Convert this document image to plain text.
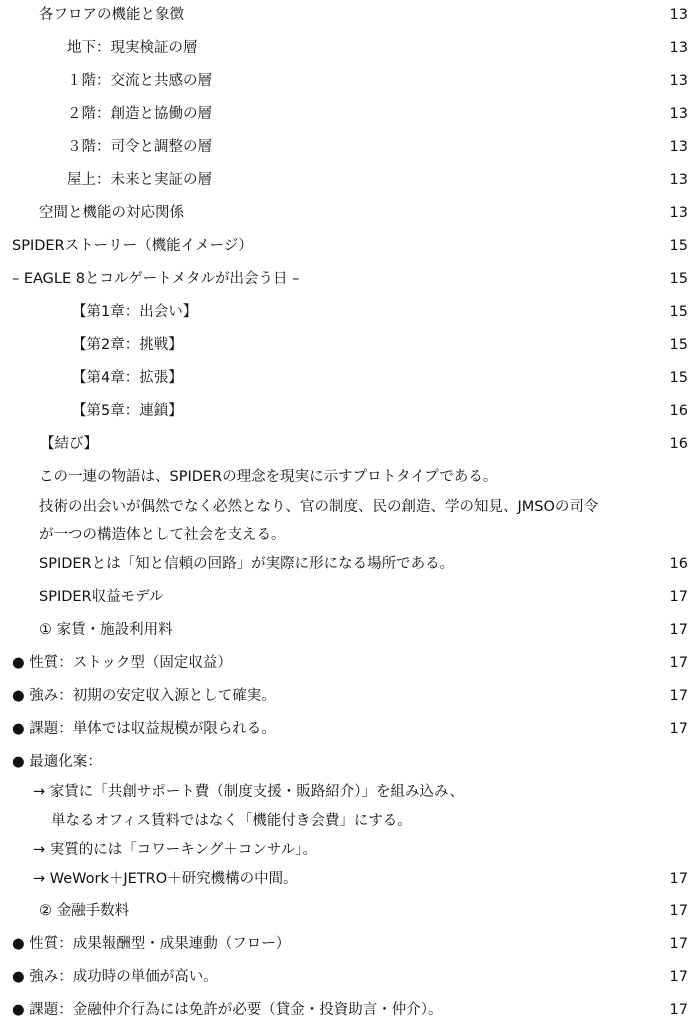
各フロアの機能と象徴	13
地下：現実検証の層	13
１階：交流と共感の層	13
２階：創造と協働の層	13
３階：司令と調整の層	13
屋上：未来と実証の層	13
空間と機能の対応関係	13
SPIDERストーリー（機能イメージ）	15
– EAGLE 8とコルゲートメタルが出会う日 –	15
【第1章：出会い】	15
【第2章：挑戦】	15
【第4章：拡張】	15
【第5章：連鎖】	16
【結び】	16
この一連の物語は、SPIDERの理念を現実に示すプロトタイプである。
技術の出会いが偶然でなく必然となり、官の制度、民の創造、学の知見、JMSOの司令
が一つの構造体として社会を支える。
SPIDERとは「知と信頼の回路」が実際に形になる場所である。	16
SPIDER収益モデル	17
① 家賃・施設利用料	17
● 性質：ストック型（固定収益）	17
● 強み：初期の安定収入源として確実。	17
● 課題：単体では収益規模が限られる。	17
● 最適化案：
→ 家賃に「共創サポート費（制度支援・販路紹介）」を組み込み、
単なるオフィス賃料ではなく「機能付き会費」にする。
→ 実質的には「コワーキング＋コンサル」。
→ WeWork＋JETRO＋研究機構の中間。	17
② 金融手数料	17
● 性質：成果報酬型・成果連動（フロー）	17
● 強み：成功時の単価が高い。	17
● 課題：金融仲介行為には免許が必要（貸金・投資助言・仲介）。	17
